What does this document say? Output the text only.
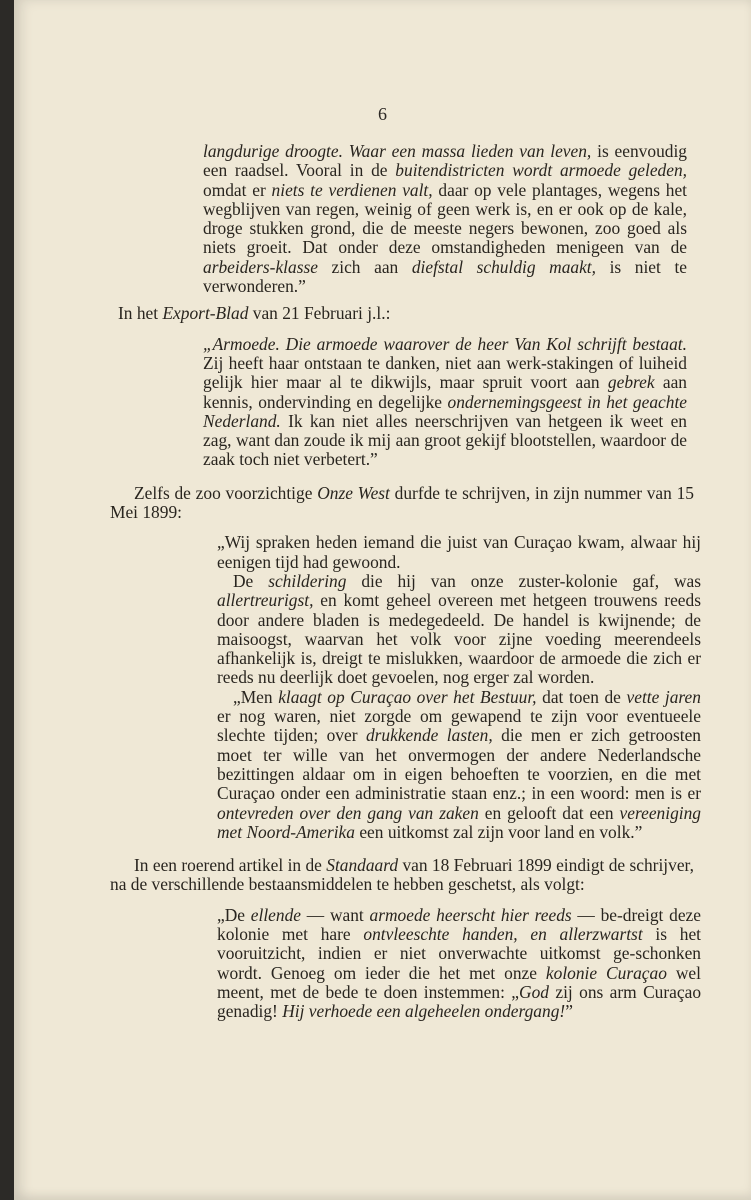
6
langdurige droogte. Waar een massa lieden van leven, is eenvoudig een raadsel. Vooral in de buitendistricten wordt armoede geleden, omdat er niets te verdienen valt, daar op vele plantages, wegens het wegblijven van regen, weinig of geen werk is, en er ook op de kale, droge stukken grond, die de meeste negers bewonen, zoo goed als niets groeit. Dat onder deze omstandigheden menigeen van de arbeiders-klasse zich aan diefstal schuldig maakt, is niet te verwonderen.”
In het Export-Blad van 21 Februari j.l.:
„Armoede. Die armoede waarover de heer Van Kol schrijft bestaat. Zij heeft haar ontstaan te danken, niet aan werk-stakingen of luiheid gelijk hier maar al te dikwijls, maar spruit voort aan gebrek aan kennis, ondervinding en degelijke ondernemingsgeest in het geachte Nederland. Ik kan niet alles neerschrijven van hetgeen ik weet en zag, want dan zoude ik mij aan groot gekijf blootstellen, waardoor de zaak toch niet verbetert.”
Zelfs de zoo voorzichtige Onze West durfde te schrijven, in zijn nummer van 15 Mei 1899:
„Wij spraken heden iemand die juist van Curaçao kwam, alwaar hij eenigen tijd had gewoond.
De schildering die hij van onze zuster-kolonie gaf, was allertreurigst, en komt geheel overeen met hetgeen trouwens reeds door andere bladen is medegedeeld. De handel is kwijnende; de maisoogst, waarvan het volk voor zijne voeding meerendeels afhankelijk is, dreigt te mislukken, waardoor de armoede die zich er reeds nu deerlijk doet gevoelen, nog erger zal worden.
„Men klaagt op Curaçao over het Bestuur, dat toen de vette jaren er nog waren, niet zorgde om gewapend te zijn voor eventueele slechte tijden; over drukkende lasten, die men er zich getroosten moet ter wille van het onvermogen der andere Nederlandsche bezittingen aldaar om in eigen behoeften te voorzien, en die met Curaçao onder een administratie staan enz.; in een woord: men is er ontevreden over den gang van zaken en gelooft dat een vereeniging met Noord-Amerika een uitkomst zal zijn voor land en volk.”
In een roerend artikel in de Standaard van 18 Februari 1899 eindigt de schrijver, na de verschillende bestaansmiddelen te hebben geschetst, als volgt:
„De ellende — want armoede heerscht hier reeds — be-dreigt deze kolonie met hare ontvleeschte handen, en allerzwartst is het vooruitzicht, indien er niet onverwachte uitkomst ge-schonken wordt. Genoeg om ieder die het met onze kolonie Curaçao wel meent, met de bede te doen instemmen: „God zij ons arm Curaçao genadig! Hij verhoede een algeheelen ondergang!”
